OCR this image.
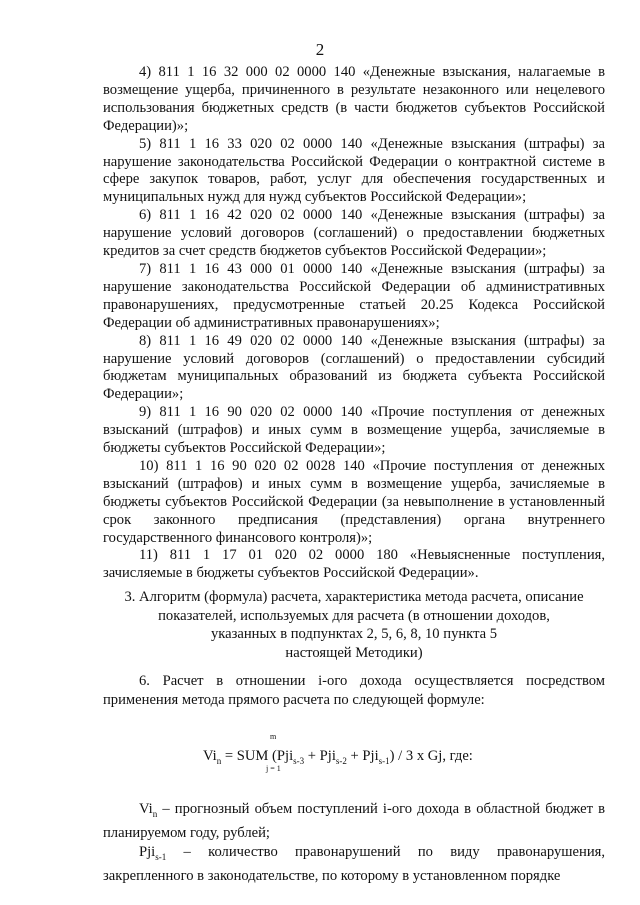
2

4) 811 1 16 32 000 02 0000 140 «Денежные взыскания, налагаемые в возмещение ущерба, причиненного в результате незаконного или нецелевого использования бюджетных средств (в части бюджетов субъектов Российской Федерации)»;

5) 811 1 16 33 020 02 0000 140 «Денежные взыскания (штрафы) за нарушение законодательства Российской Федерации о контрактной системе в сфере закупок товаров, работ, услуг для обеспечения государственных и муниципальных нужд для нужд субъектов Российской Федерации»;

6) 811 1 16 42 020 02 0000 140 «Денежные взыскания (штрафы) за нарушение условий договоров (соглашений) о предоставлении бюджетных кредитов за счет средств бюджетов субъектов Российской Федерации»;

7) 811 1 16 43 000 01 0000 140 «Денежные взыскания (штрафы) за нарушение законодательства Российской Федерации об административных правонарушениях, предусмотренные статьей 20.25 Кодекса Российской Федерации об административных правонарушениях»;

8) 811 1 16 49 020 02 0000 140 «Денежные взыскания (штрафы) за нарушение условий договоров (соглашений) о предоставлении субсидий бюджетам муниципальных образований из бюджета субъекта Российской Федерации»;

9) 811 1 16 90 020 02 0000 140 «Прочие поступления от денежных взысканий (штрафов) и иных сумм в возмещение ущерба, зачисляемые в бюджеты субъектов Российской Федерации»;

10) 811 1 16 90 020 02 0028 140 «Прочие поступления от денежных взысканий (штрафов) и иных сумм в возмещение ущерба, зачисляемые в бюджеты субъектов Российской Федерации (за невыполнение в установленный срок законного предписания (представления) органа внутреннего государственного финансового контроля)»;

11) 811 1 17 01 020 02 0000 180 «Невыясненные поступления, зачисляемые в бюджеты субъектов Российской Федерации».

3. Алгоритм (формула) расчета, характеристика метода расчета, описание

показателей, используемых для расчета (в отношении доходов,

указанных в подпунктах 2, 5, 6, 8, 10 пункта 5

настоящей Методики)

6. Расчет в отношении i-ого дохода осуществляется посредством применения метода прямого расчета по следующей формуле:

m
$Vi_n$ = SUM (Pji$_{s-3}$ + Pji$_{s-2}$ + Pji$_{s-1}$) / 3 x Gj, где:
j = 1

$Vi_n$ – прогнозный объем поступлений i-ого дохода в областной бюджет в планируемом году, рублей;

Pji$_{s-1}$ – количество правонарушений по виду правонарушения, закрепленного в законодательстве, по которому в установленном порядке
